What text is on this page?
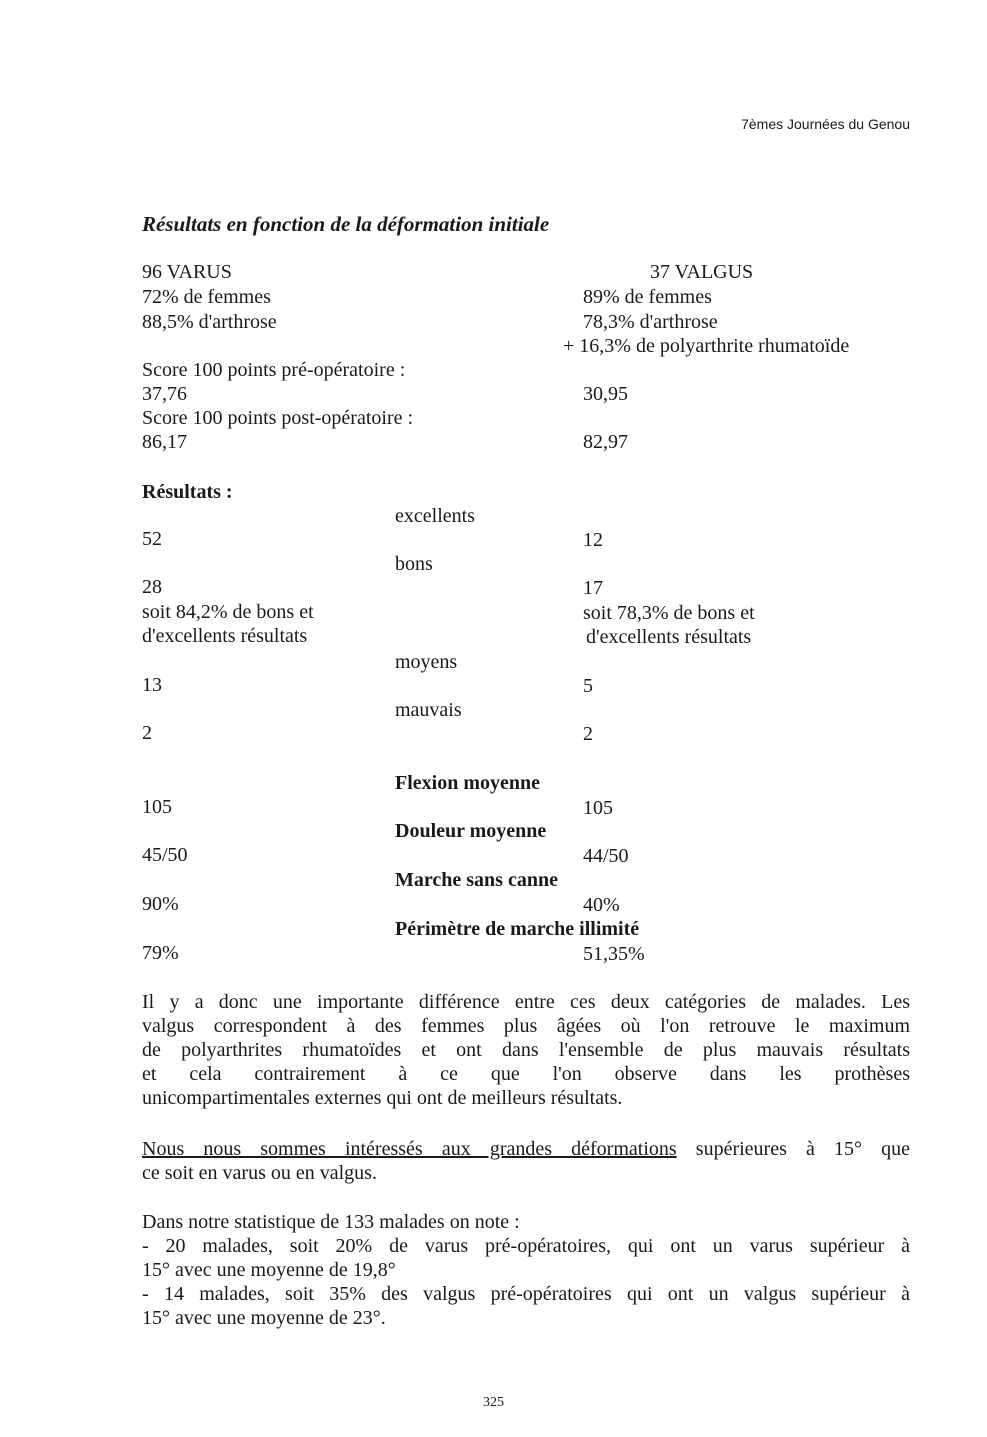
7èmes Journées du Genou
Résultats en fonction de la déformation initiale
96 VARUS	37 VALGUS
72% de femmes	89% de femmes
88,5% d'arthrose	78,3% d'arthrose
+ 16,3% de polyarthrite rhumatoïde
Score 100 points pré-opératoire :
37,76	30,95
Score 100 points post-opératoire :
86,17	82,97
Résultats :
excellents
52	12
bons
28	17
soit 84,2% de bons et	soit 78,3% de bons et
d'excellents résultats	d'excellents résultats
moyens
13	5
mauvais
2	2
Flexion moyenne
105	105
Douleur moyenne
45/50	44/50
Marche sans canne
90%	40%
Périmètre de marche illimité
79%	51,35%
Il y a donc une importante différence entre ces deux catégories de malades. Les
valgus correspondent à des femmes plus âgées où l'on retrouve le maximum
de polyarthrites rhumatoïdes et ont dans l'ensemble de plus mauvais résultats
et cela contrairement à ce que l'on observe dans les prothèses
unicompartimentales externes qui ont de meilleurs résultats.
Nous nous sommes intéressés aux grandes déformations supérieures à 15° que
ce soit en varus ou en valgus.
Dans notre statistique de 133 malades on note :
- 20 malades, soit 20% de varus pré-opératoires, qui ont un varus supérieur à
15° avec une moyenne de 19,8°
- 14 malades, soit 35% des valgus pré-opératoires qui ont un valgus supérieur à
15° avec une moyenne de 23°.
325
